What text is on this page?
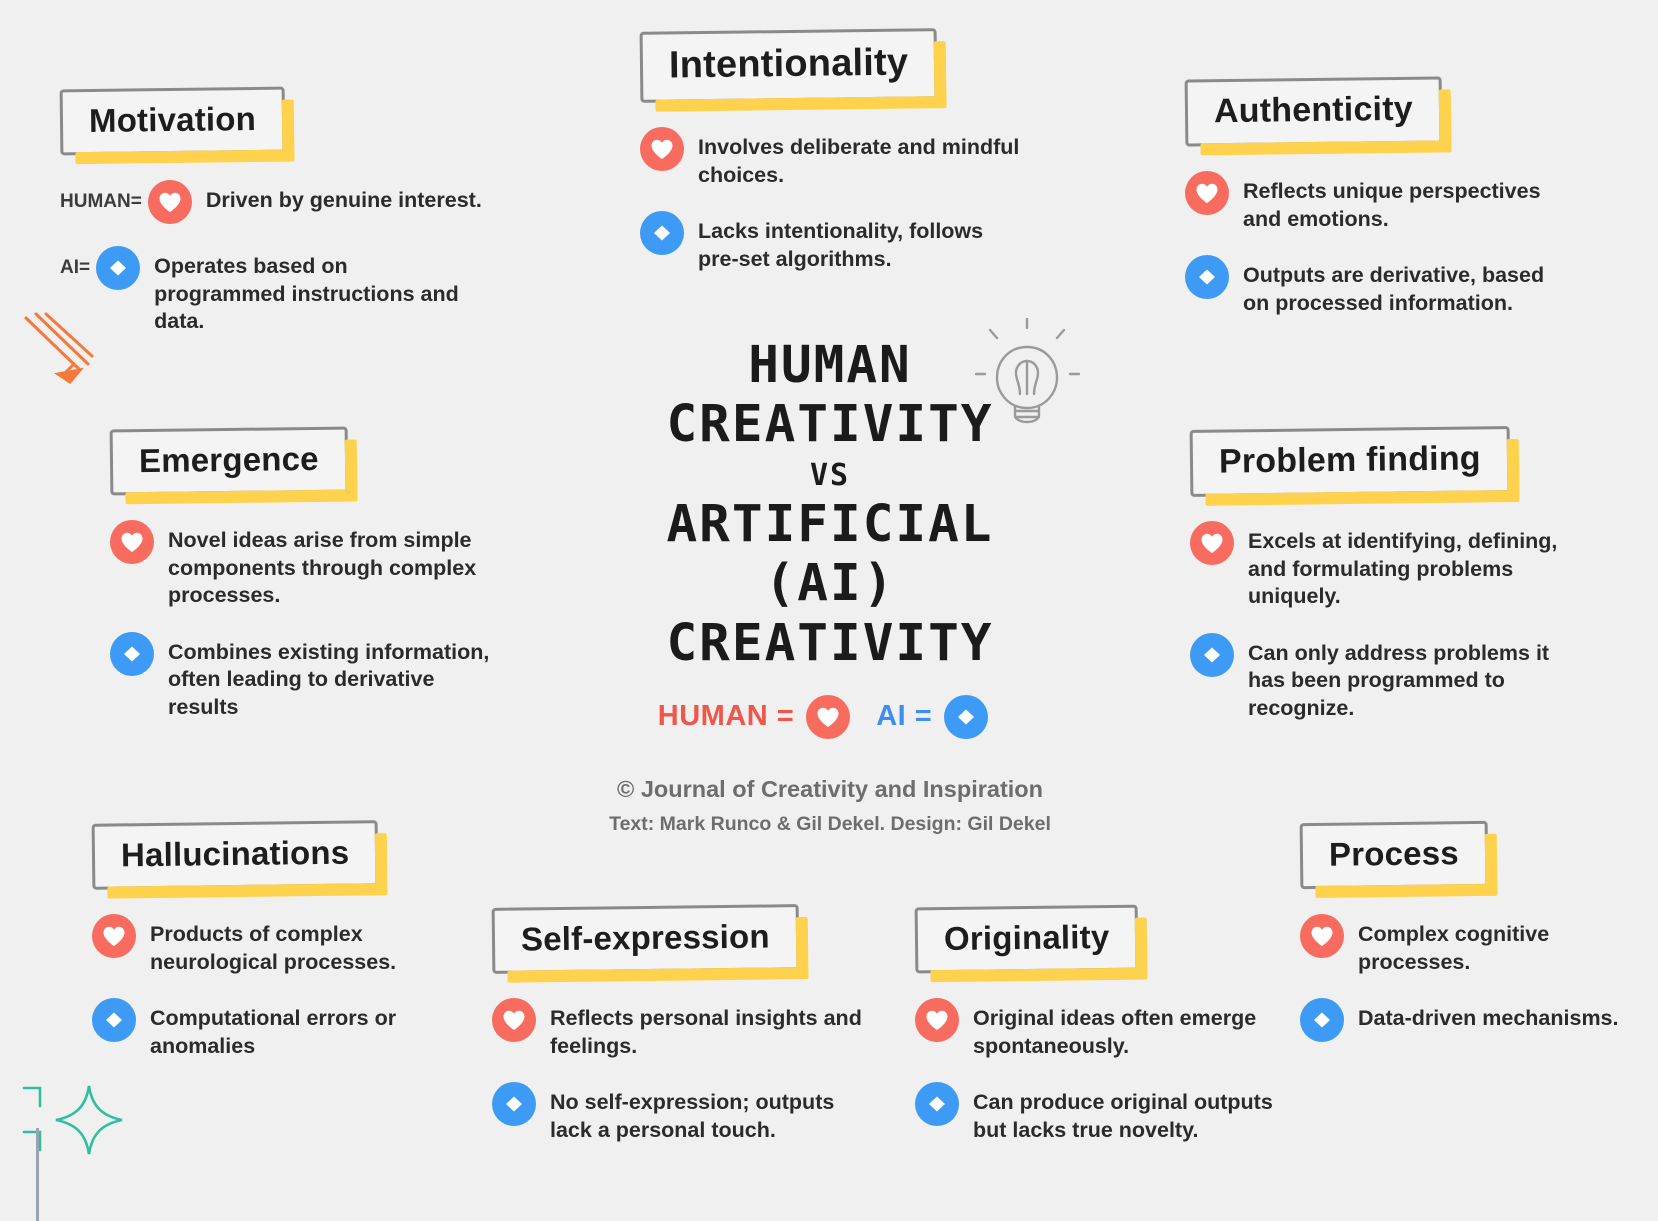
Motivation
HUMAN=	Driven by genuine interest.
AI=	Operates based on programmed instructions and data.
Intentionality
Involves deliberate and mindful choices.
Lacks intentionality, follows pre-set algorithms.
Authenticity
Reflects unique perspectives and emotions.
Outputs are derivative, based on processed information.
Emergence
Novel ideas arise from simple components through complex processes.
Combines existing information, often leading to derivative results
Problem finding
Excels at identifying, defining, and formulating problems uniquely.
Can only address problems it has been programmed to recognize.
Hallucinations
Products of complex neurological processes.
Computational errors or anomalies
Self-expression
Reflects personal insights and feelings.
No self-expression; outputs lack a personal touch.
Originality
Original ideas often emerge spontaneously.
Can produce original outputs but lacks true novelty.
Process
Complex cognitive processes.
Data-driven mechanisms.
HUMAN
CREATIVITY
VS
ARTIFICIAL (AI)
CREATIVITY
HUMAN =	AI =
© Journal of Creativity and Inspiration
Text: Mark Runco & Gil Dekel. Design: Gil Dekel
